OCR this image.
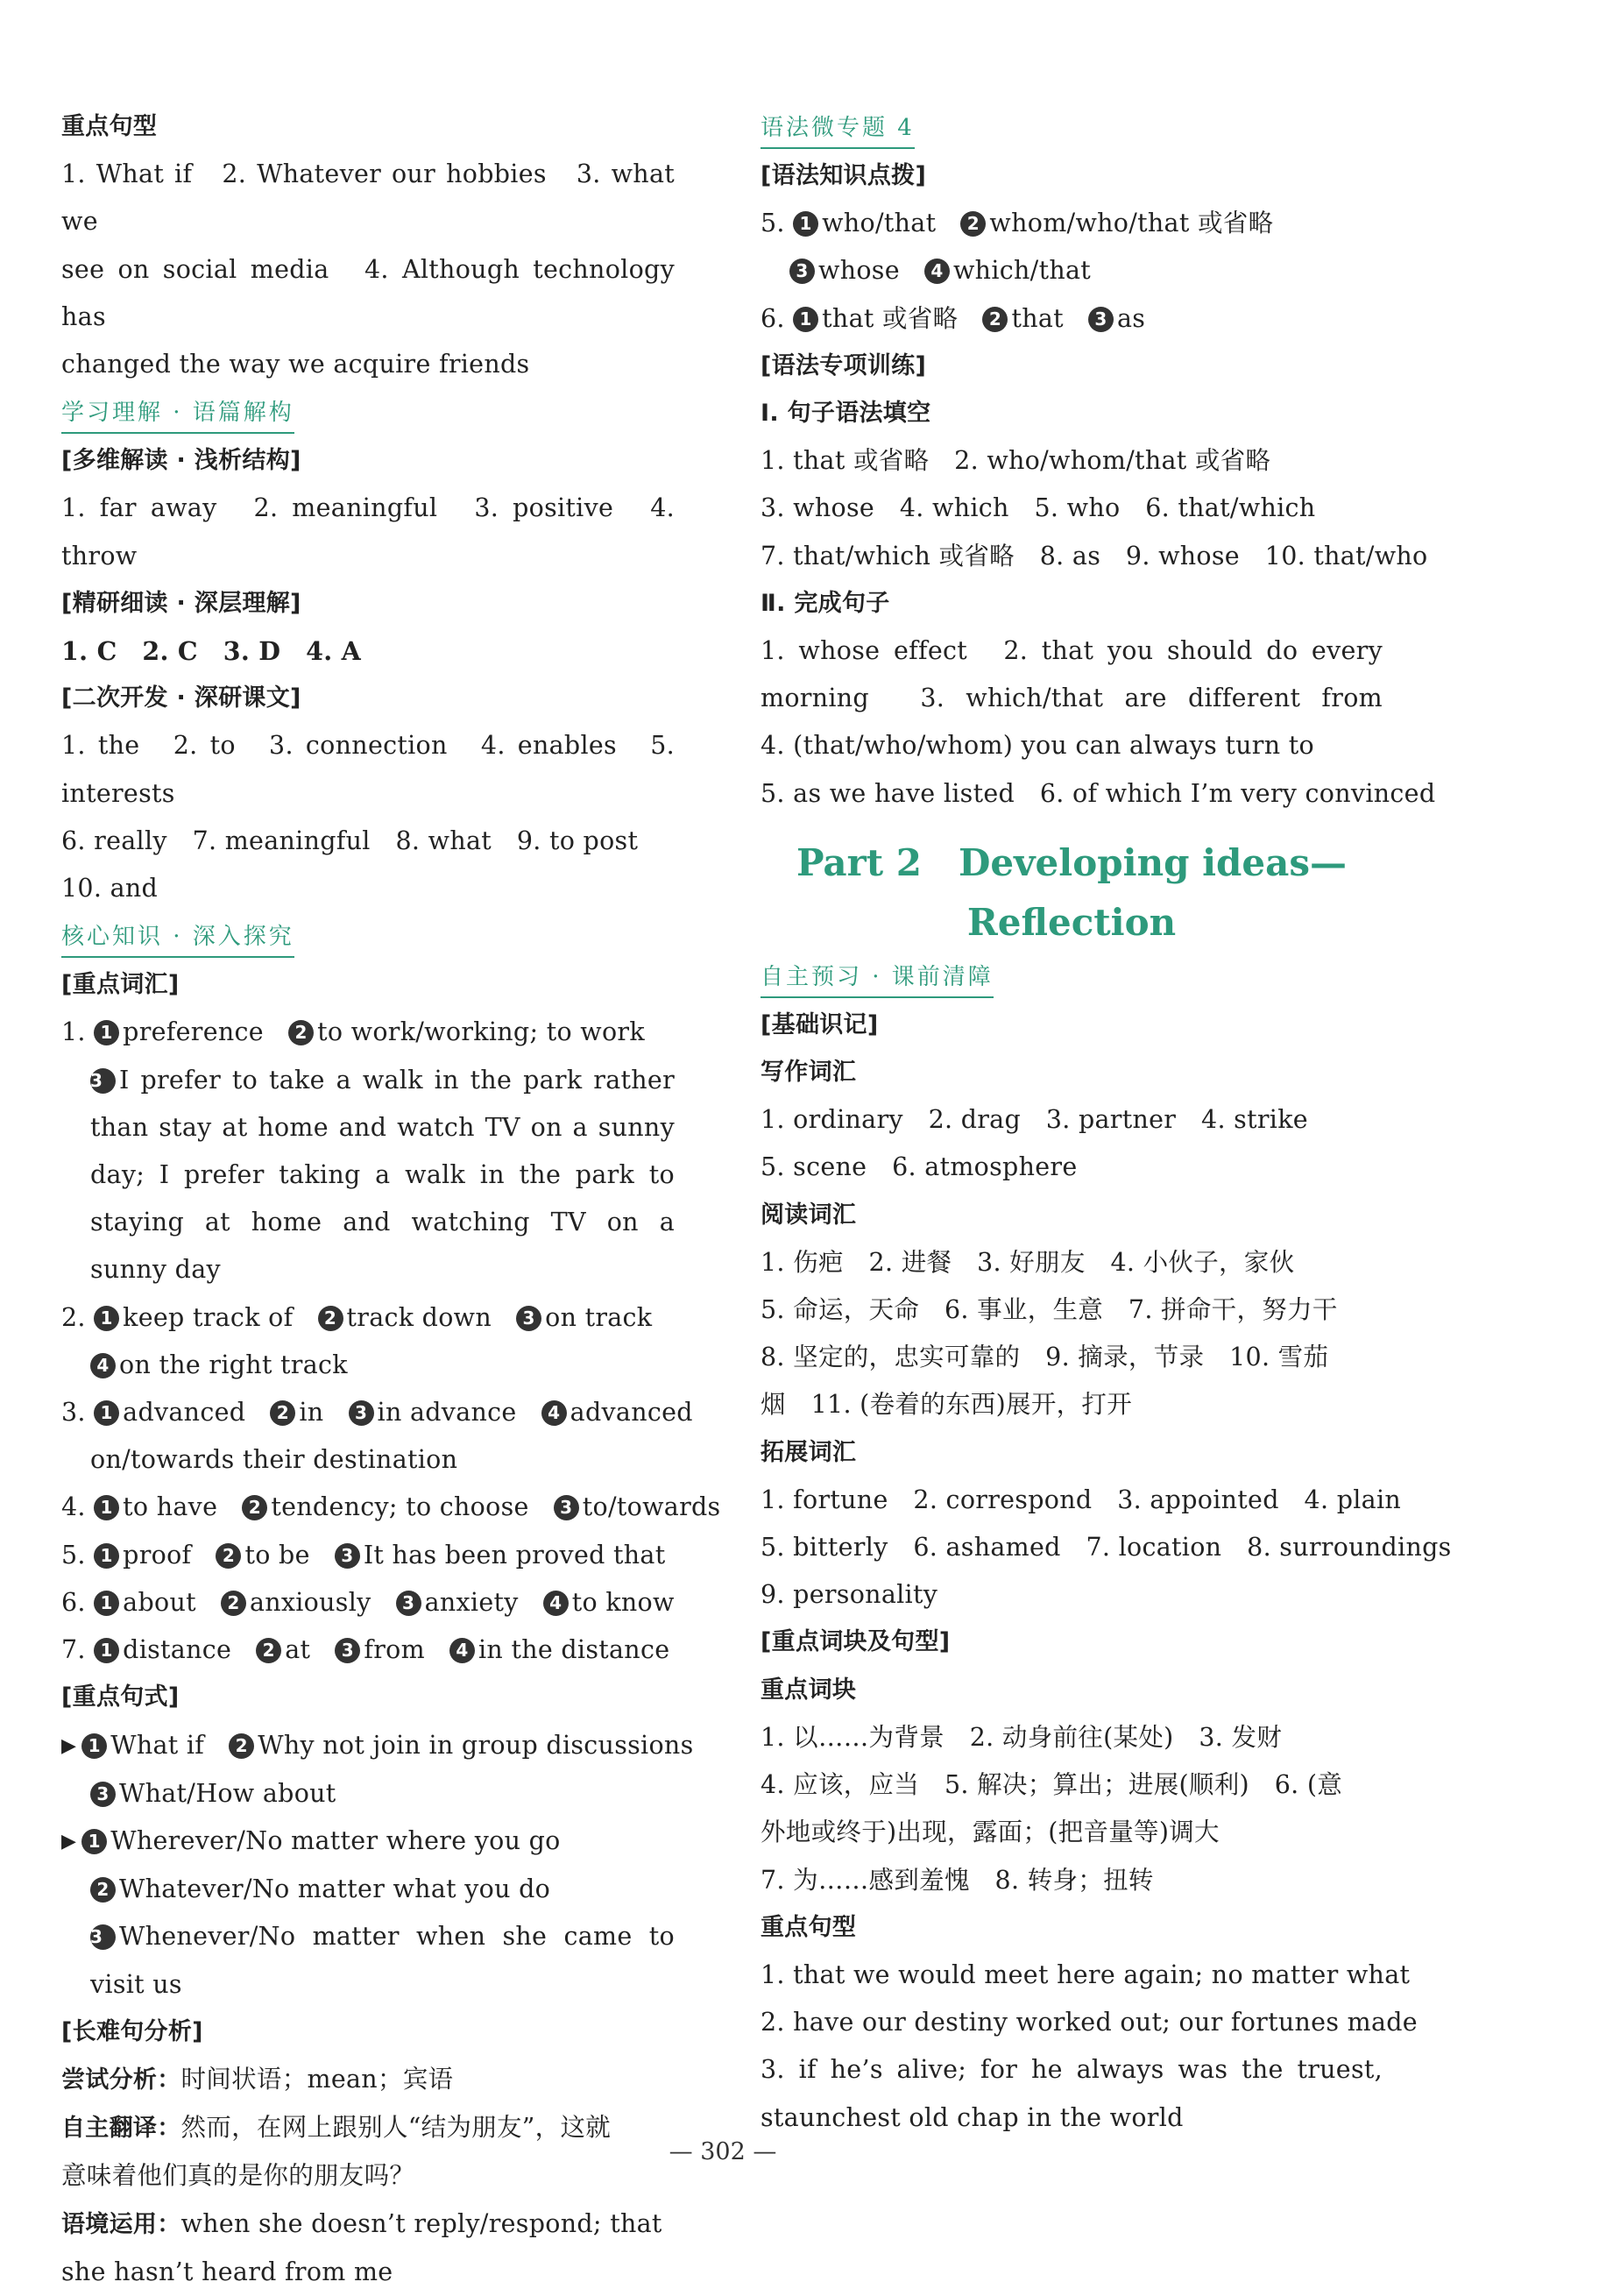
重点句型
1. What if　2. Whatever our hobbies　3. what we
see on social media　4. Although technology has
changed the way we acquire friends
学习理解 · 语篇解构
[多维解读 · 浅析结构]
1. far away　2. meaningful　3. positive　4. throw
[精研细读 · 深层理解]
1. C　2. C　3. D　4. A
[二次开发 · 深研课文]
1. the　2. to　3. connection　4. enables　5. interests
6. really　7. meaningful　8. what　9. to post
10. and
核心知识 · 深入探究
[重点词汇]
1. 1 preference 2 to work/working; to work
3 I prefer to take a walk in the park rather
than stay at home and watch TV on a sunny
day; I prefer taking a walk in the park to
staying at home and watching TV on a
sunny day
2. 1 keep track of 2 track down 3 on track
4 on the right track
3. 1 advanced 2 in 3 in advance 4 advanced
on/towards their destination
4. 1 to have 2 tendency; to choose 3 to/towards
5. 1 proof 2 to be 3 It has been proved that
6. 1 about 2 anxiously 3 anxiety 4 to know
7. 1 distance 2 at 3 from 4 in the distance
[重点句式]
▶ 1 What if 2 Why not join in group discussions
3 What/How about
▶ 1 Wherever/No matter where you go
2 Whatever/No matter what you do
3 Whenever/No matter when she came to
visit us
[长难句分析]
尝试分析：时间状语；mean；宾语
自主翻译：然而，在网上跟别人“结为朋友”，这就
意味着他们真的是你的朋友吗？
语境运用：when she doesn’t reply/respond; that
she hasn’t heard from me
语法微专题 4
[语法知识点拨]
5. 1 who/that 2 whom/who/that 或省略
3 whose 4 which/that
6. 1 that 或省略 2 that 3 as
[语法专项训练]
Ⅰ. 句子语法填空
1. that 或省略　2. who/whom/that 或省略
3. whose　4. which　5. who　6. that/which
7. that/which 或省略　8. as　9. whose　10. that/who
Ⅱ. 完成句子
1. whose effect　2. that you should do every
morning　3. which/that are different from
4. (that/who/whom) you can always turn to
5. as we have listed　6. of which I’m very convinced
Part 2　Developing ideas—
Reflection
自主预习 · 课前清障
[基础识记]
写作词汇
1. ordinary　2. drag　3. partner　4. strike
5. scene　6. atmosphere
阅读词汇
1. 伤疤　2. 进餐　3. 好朋友　4. 小伙子，家伙
5. 命运，天命　6. 事业，生意　7. 拼命干，努力干
8. 坚定的，忠实可靠的　9. 摘录，节录　10. 雪茄
烟　11. (卷着的东西)展开，打开
拓展词汇
1. fortune　2. correspond　3. appointed　4. plain
5. bitterly　6. ashamed　7. location　8. surroundings
9. personality
[重点词块及句型]
重点词块
1. 以……为背景　2. 动身前往(某处)　3. 发财
4. 应该，应当　5. 解决；算出；进展(顺利)　6. (意
外地或终于)出现，露面；(把音量等)调大
7. 为……感到羞愧　8. 转身；扭转
重点句型
1. that we would meet here again; no matter what
2. have our destiny worked out; our fortunes made
3. if he’s alive; for he always was the truest,
staunchest old chap in the world
— 302 —
